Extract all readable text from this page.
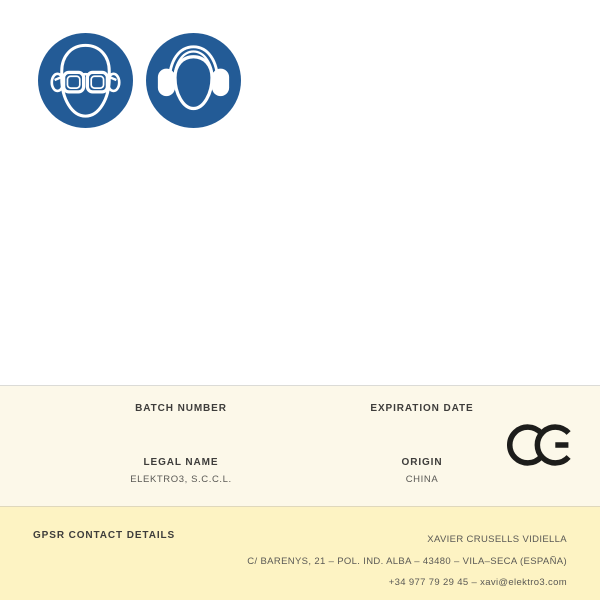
BATCH NUMBER	EXPIRATION DATE
LEGAL NAME
ELEKTRO3, S.C.C.L.
ORIGIN
CHINA
GPSR CONTACT DETAILS	XAVIER CRUSELLS VIDIELLA
C/ BARENYS, 21 – POL. IND. ALBA – 43480 – VILA–SECA (ESPAÑA)
+34 977 79 29 45 – xavi@elektro3.com
